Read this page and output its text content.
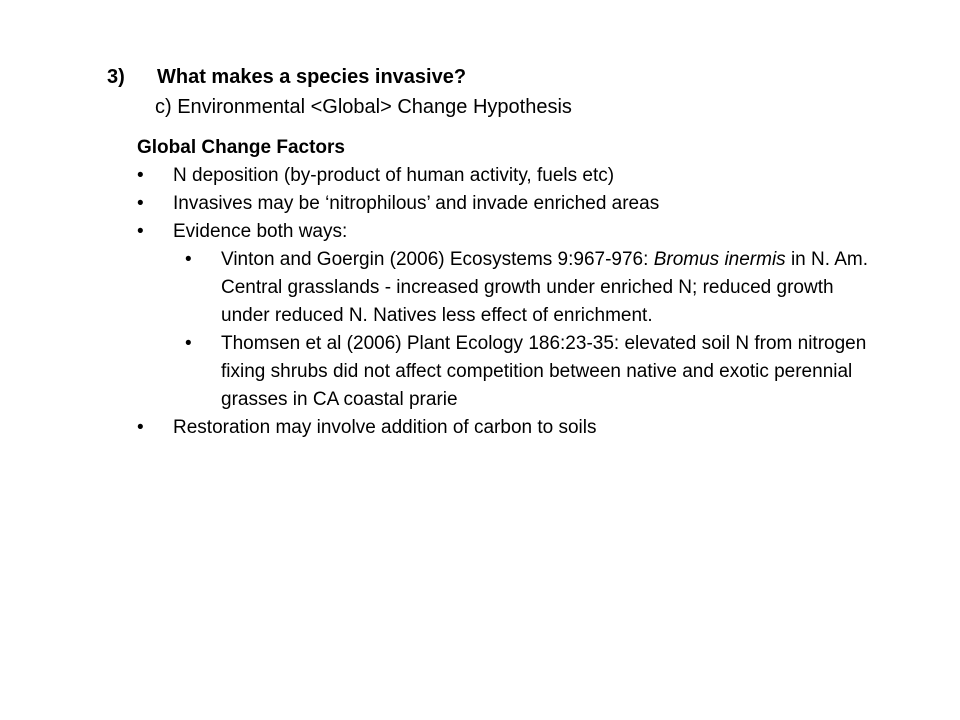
3) What makes a species invasive?
c) Environmental <Global> Change Hypothesis
Global Change Factors
• N deposition (by-product of human activity, fuels etc)
• Invasives may be ‘nitrophilous’ and invade enriched areas
• Evidence both ways:
• Vinton and Goergin (2006) Ecosystems 9:967-976: Bromus inermis in N. Am. Central grasslands - increased growth under enriched N; reduced growth under reduced N. Natives less effect of enrichment.
• Thomsen et al (2006) Plant Ecology 186:23-35: elevated soil N from nitrogen fixing shrubs did not affect competition between native and exotic perennial grasses in CA coastal prarie
• Restoration may involve addition of carbon to soils
